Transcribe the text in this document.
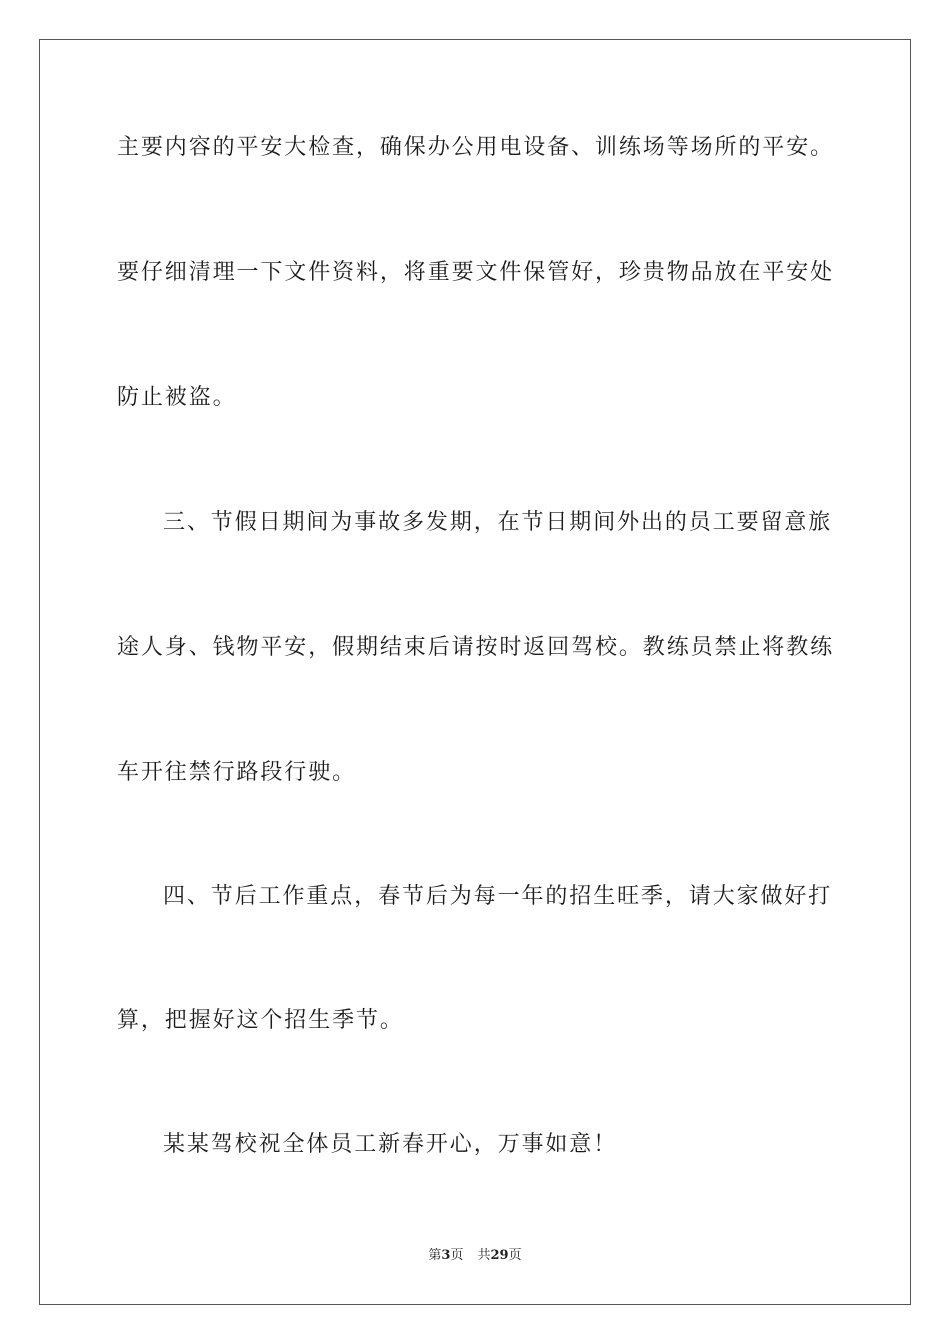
主要内容的平安大检查，确保办公用电设备、训练场等场所的平安。
要仔细清理一下文件资料，将重要文件保管好，珍贵物品放在平安处
防止被盗。
三、节假日期间为事故多发期，在节日期间外出的员工要留意旅
途人身、钱物平安，假期结束后请按时返回驾校。教练员禁止将教练
车开往禁行路段行驶。
四、节后工作重点，春节后为每一年的招生旺季，请大家做好打
算，把握好这个招生季节。
某某驾校祝全体员工新春开心，万事如意！
第3页 共29页
